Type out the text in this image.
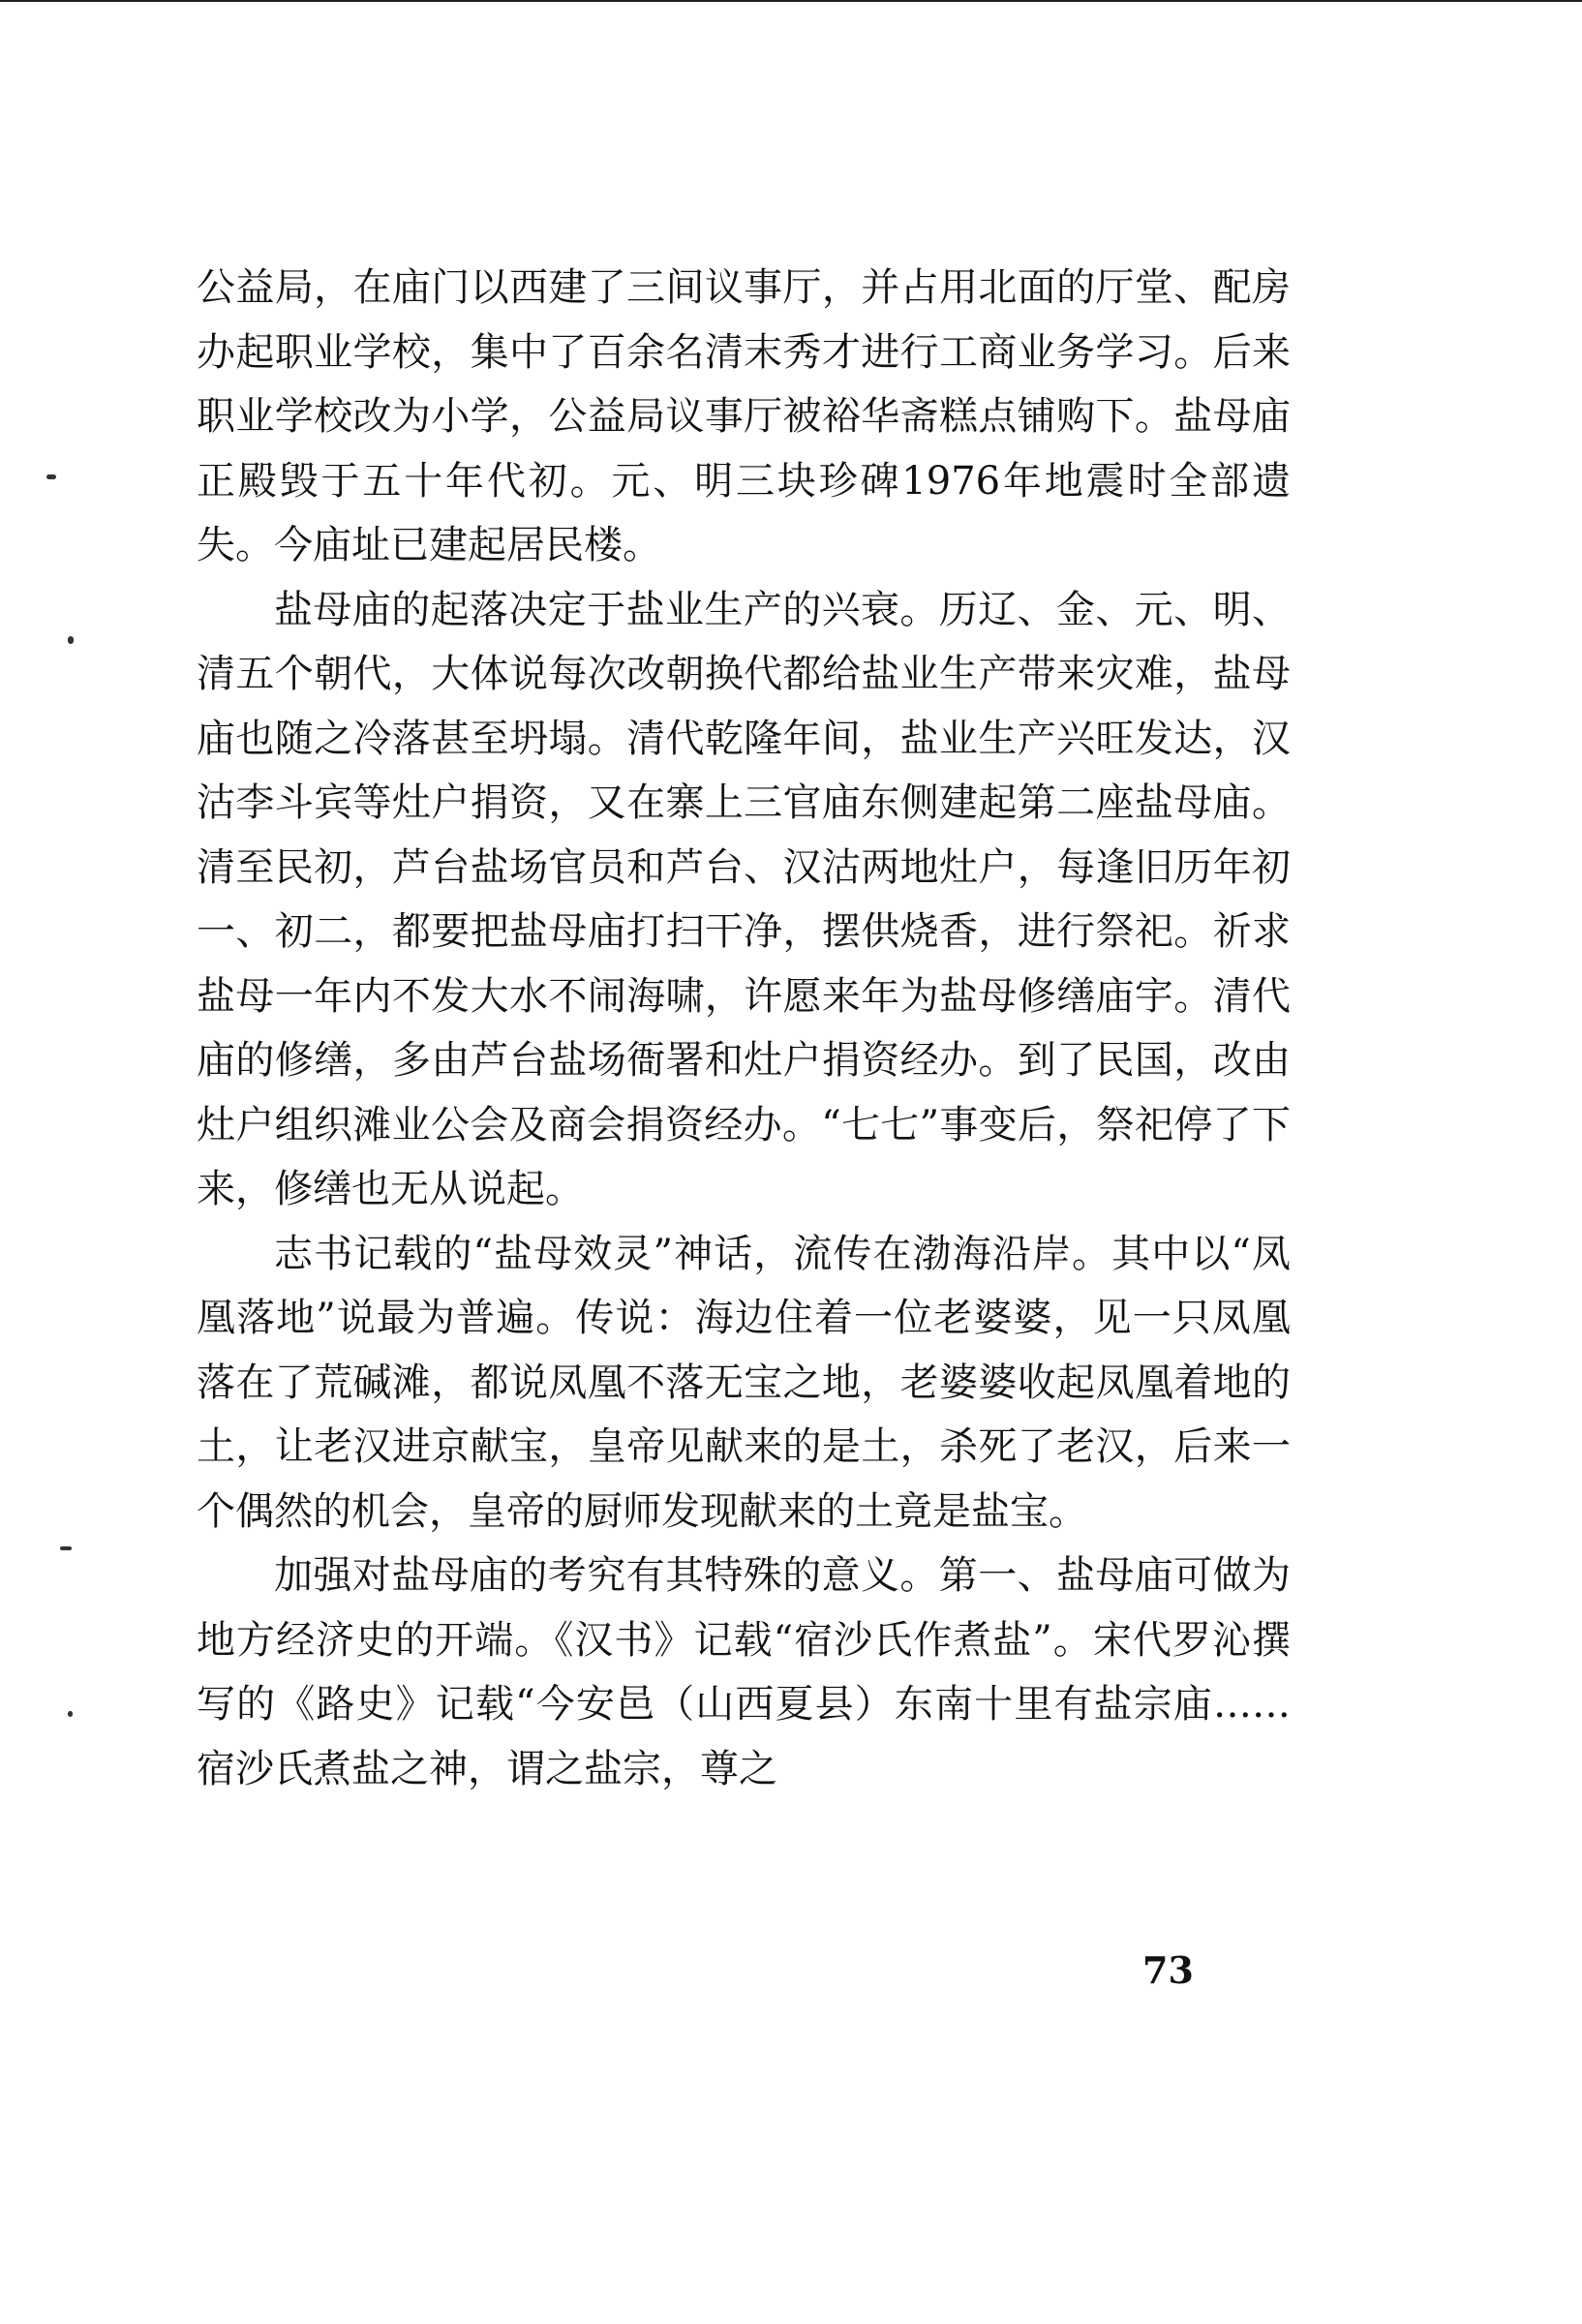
公益局，在庙门以西建了三间议事厅，并占用北面的厅堂、配房办起职业学校，集中了百余名清末秀才进行工商业务学习。后来职业学校改为小学，公益局议事厅被裕华斋糕点铺购下。盐母庙正殿毁于五十年代初。元、明三块珍碑1976年地震时全部遗失。今庙址已建起居民楼。

盐母庙的起落决定于盐业生产的兴衰。历辽、金、元、明、清五个朝代，大体说每次改朝换代都给盐业生产带来灾难，盐母庙也随之冷落甚至坍塌。清代乾隆年间，盐业生产兴旺发达，汉沽李斗宾等灶户捐资，又在寨上三官庙东侧建起第二座盐母庙。清至民初，芦台盐场官员和芦台、汉沽两地灶户，每逢旧历年初一、初二，都要把盐母庙打扫干净，摆供烧香，进行祭祀。祈求盐母一年内不发大水不闹海啸，许愿来年为盐母修缮庙宇。清代庙的修缮，多由芦台盐场衙署和灶户捐资经办。到了民国，改由灶户组织滩业公会及商会捐资经办。“七七”事变后，祭祀停了下来，修缮也无从说起。

志书记载的“盐母效灵”神话，流传在渤海沿岸。其中以“凤凰落地”说最为普遍。传说：海边住着一位老婆婆，见一只凤凰落在了荒碱滩，都说凤凰不落无宝之地，老婆婆收起凤凰着地的土，让老汉进京献宝，皇帝见献来的是土，杀死了老汉，后来一个偶然的机会，皇帝的厨师发现献来的土竟是盐宝。

加强对盐母庙的考究有其特殊的意义。第一、盐母庙可做为地方经济史的开端。《汉书》记载“宿沙氏作煮盐”。宋代罗沁撰写的《路史》记载“今安邑（山西夏县）东南十里有盐宗庙……宿沙氏煮盐之神，谓之盐宗，尊之

73
